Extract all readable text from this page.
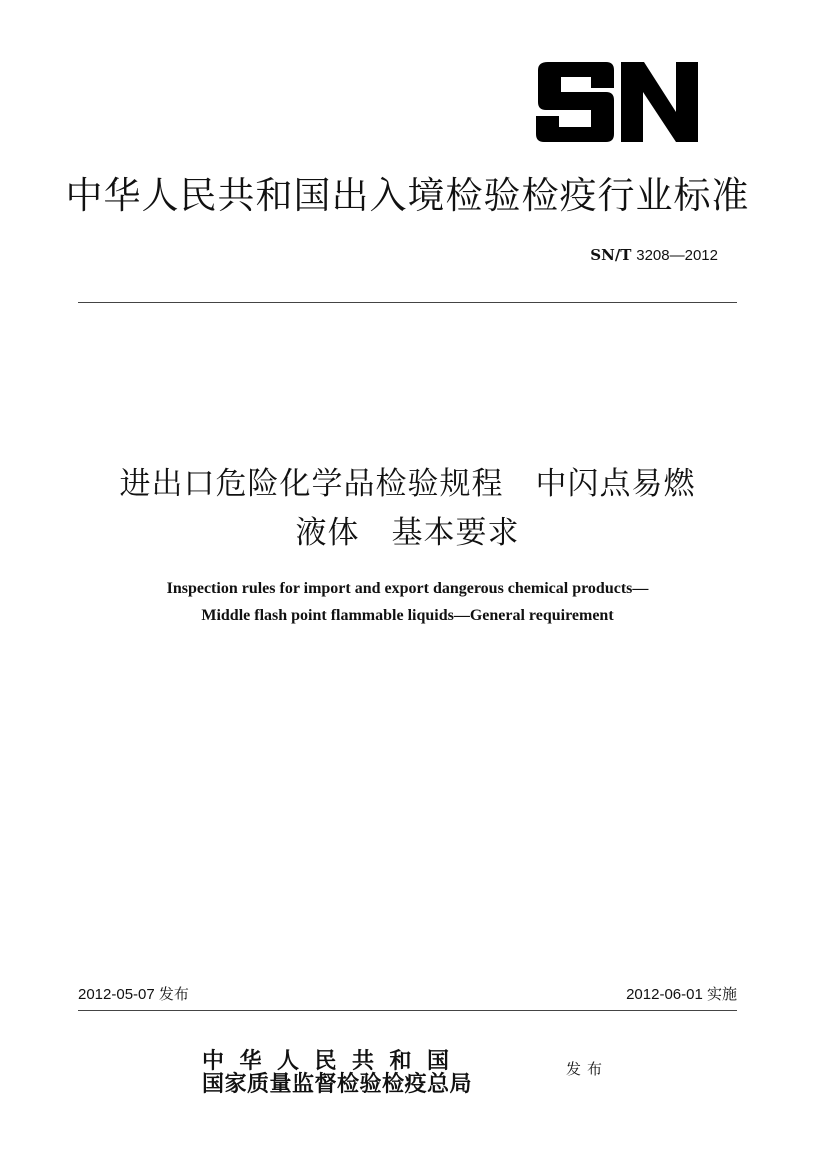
中华人民共和国出入境检验检疫行业标准
SN/T 3208—2012
进出口危险化学品检验规程　中闪点易燃
液体　基本要求
Inspection rules for import and export dangerous chemical products—
Middle flash point flammable liquids—General requirement
2012-05-07 发布	2012-06-01 实施
中华人民共和国
国家质量监督检验检疫总局
发布
